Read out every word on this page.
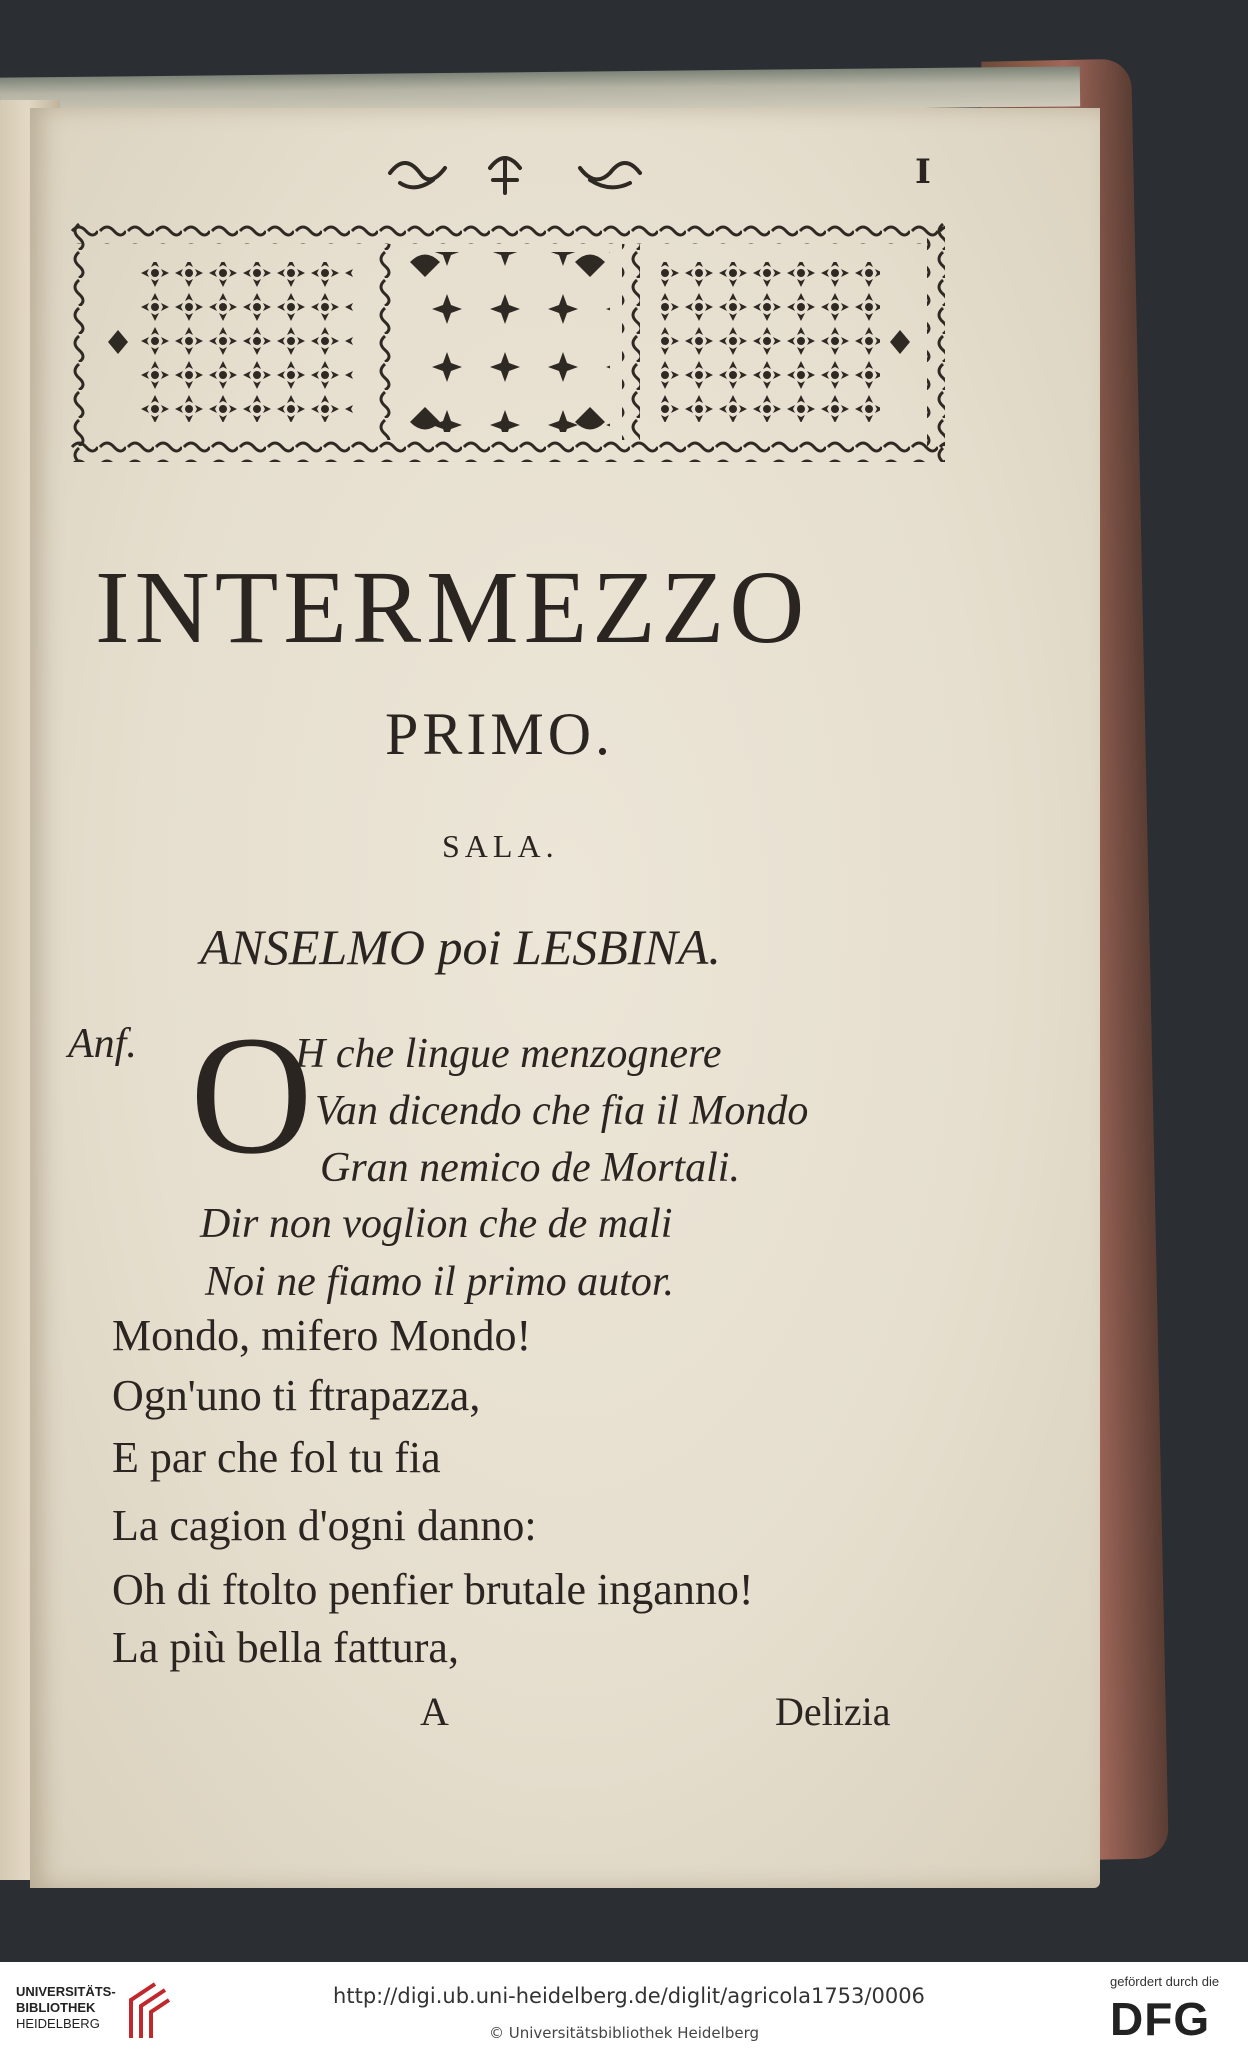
I
INTERMEZZO
PRIMO.
SALA.
ANSELMO poi LESBINA.
Anf. O
H che lingue menzognere
Van dicendo che fia il Mondo
Gran nemico de Mortali.
Dir non voglion che de mali
Noi ne fiamo il primo autor.
Mondo, mifero Mondo!
Ogn'uno ti ftrapazza,
E par che fol tu fia
La cagion d'ogni danno:
Oh di ftolto penfier brutale inganno!
La più bella fattura,
A	Delizia
UNIVERSITÄTS-
BIBLIOTHEK
HEIDELBERG
http://digi.ub.uni-heidelberg.de/diglit/agricola1753/0006
© Universitätsbibliothek Heidelberg
gefördert durch die
DFG
